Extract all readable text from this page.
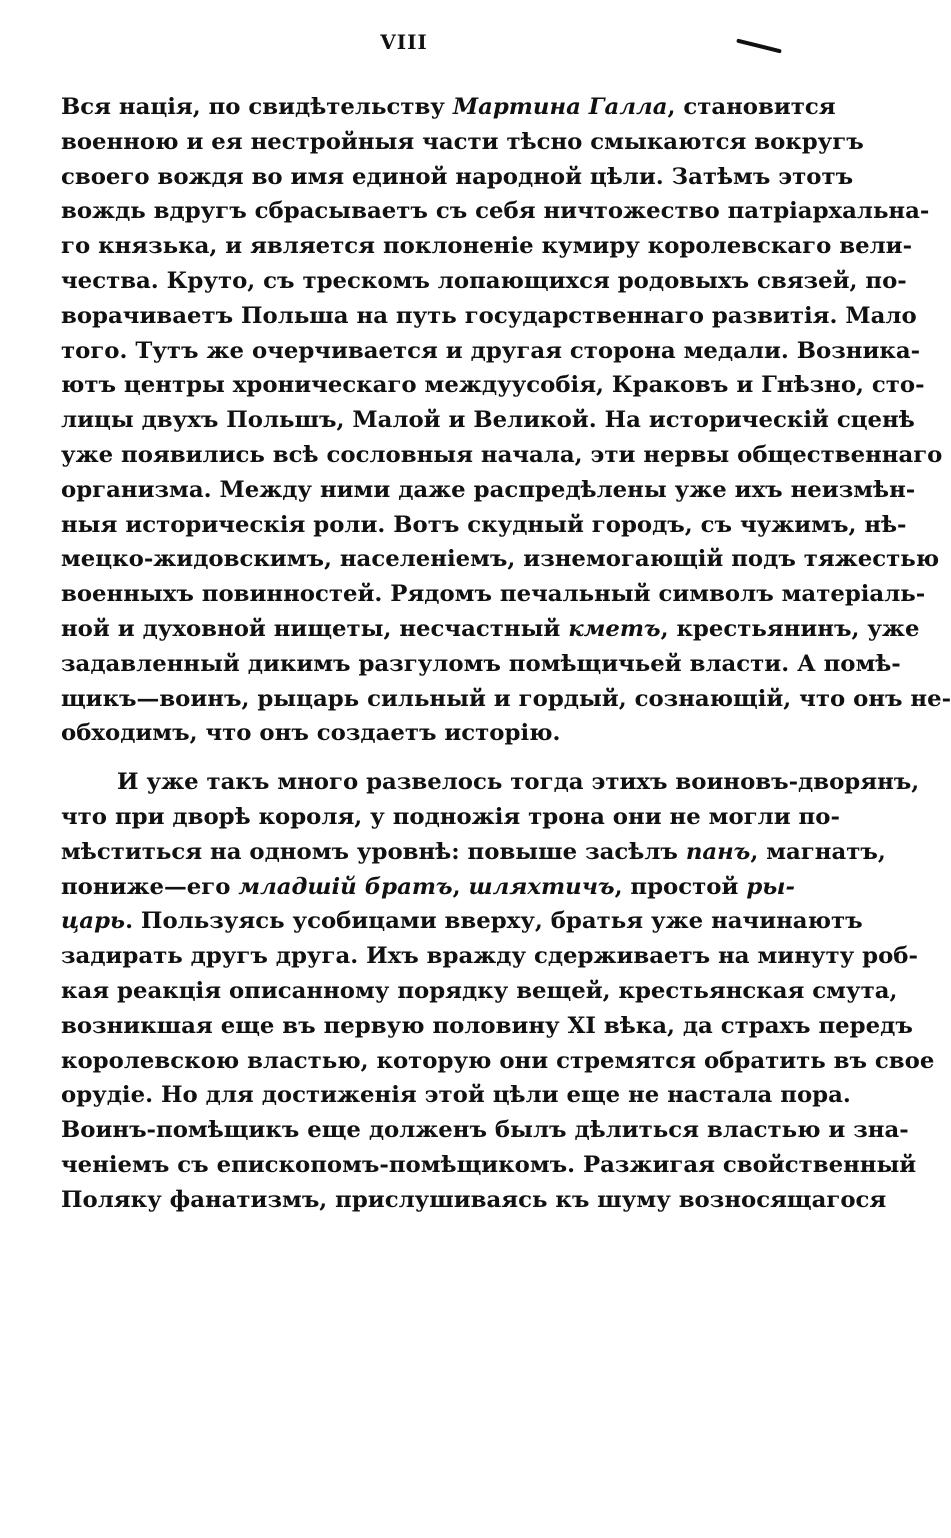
VIII
Вся нація, по свидѣтельству Мартина Галла, становится
военною и ея нестройныя части тѣсно смыкаются вокругъ
своего вождя во имя единой народной цѣли. Затѣмъ этотъ
вождь вдругъ сбрасываетъ съ себя ничтожество патріархальна-
го князька, и является поклоненіе кумиру королевскаго вели-
чества. Круто, съ трескомъ лопающихся родовыхъ связей, по-
ворачиваетъ Польша на путь государственнаго развитія. Мало
того. Тутъ же очерчивается и другая сторона медали. Возника-
ютъ центры хроническаго междуусобія, Краковъ и Гнѣзно, сто-
лицы двухъ Польшъ, Малой и Великой. На историческій сценѣ
уже появились всѣ сословныя начала, эти нервы общественнаго
организма. Между ними даже распредѣлены уже ихъ неизмѣн-
ныя историческія роли. Вотъ скудный городъ, съ чужимъ, нѣ-
мецко-жидовскимъ, населеніемъ, изнемогающій подъ тяжестью
военныхъ повинностей. Рядомъ печальный символъ матеріаль-
ной и духовной нищеты, несчастный кметъ, крестьянинъ, уже
задавленный дикимъ разгуломъ помѣщичьей власти. А помѣ-
щикъ—воинъ, рыцарь сильный и гордый, сознающій, что онъ не-
обходимъ, что онъ создаетъ исторію.
И уже такъ много развелось тогда этихъ воиновъ-дворянъ,
что при дворѣ короля, у подножія трона они не могли по-
мѣститься на одномъ уровнѣ: повыше засѣлъ панъ, магнатъ,
пониже—его младшій братъ, шляхтичъ, простой ры-
царь. Пользуясь усобицами вверху, братья уже начинаютъ
задирать другъ друга. Ихъ вражду сдерживаетъ на минуту роб-
кая реакція описанному порядку вещей, крестьянская смута,
возникшая еще въ первую половину XI вѣка, да страхъ передъ
королевскою властью, которую они стремятся обратить въ свое
орудіе. Но для достиженія этой цѣли еще не настала пора.
Воинъ-помѣщикъ еще долженъ былъ дѣлиться властью и зна-
ченіемъ съ епископомъ-помѣщикомъ. Разжигая свойственный
Поляку фанатизмъ, прислушиваясь къ шуму возносящагося
